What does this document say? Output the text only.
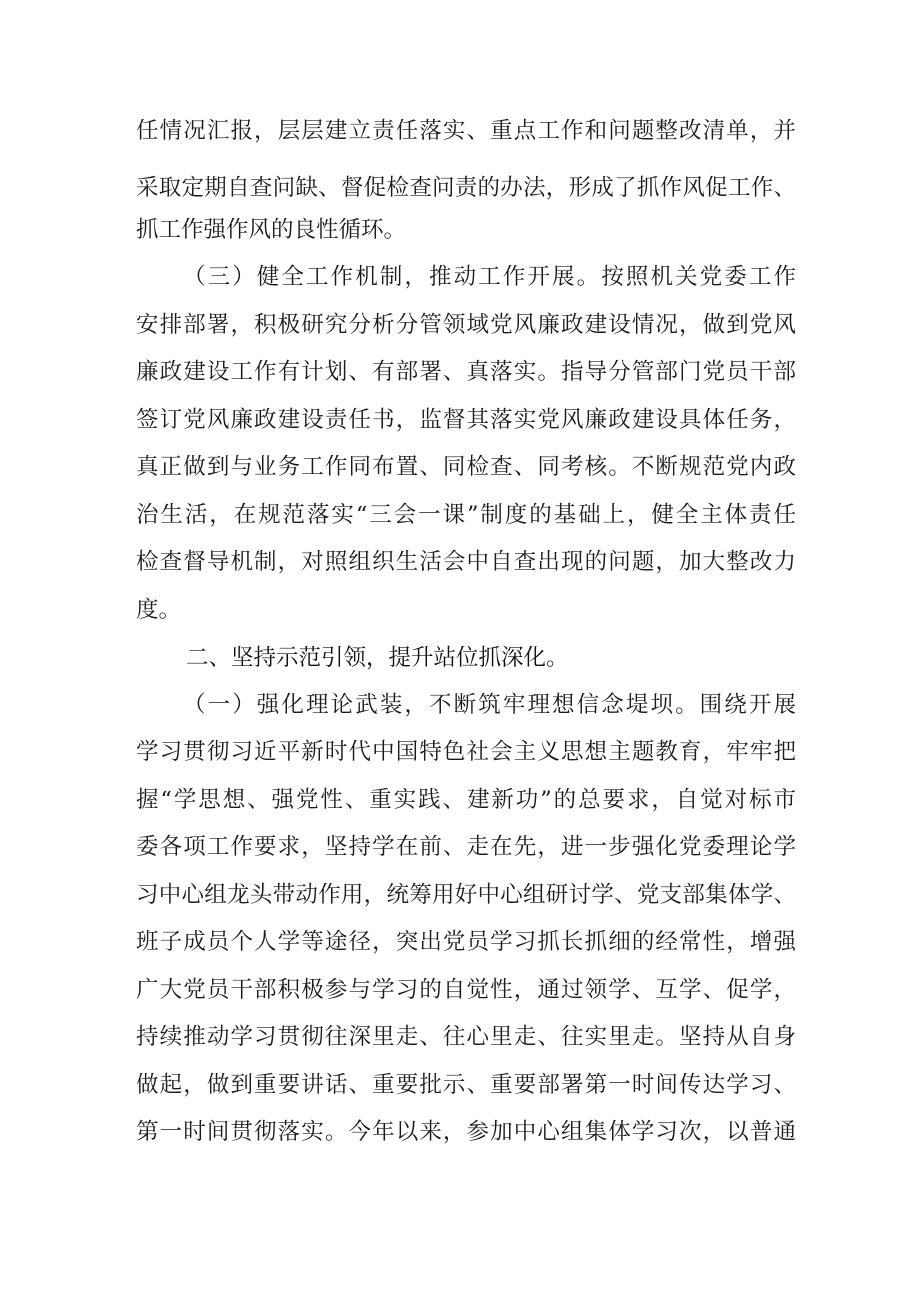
任情况汇报，层层建立责任落实、重点工作和问题整改清单，并
采取定期自查问缺、督促检查问责的办法，形成了抓作风促工作、
抓工作强作风的良性循环。
（三）健全工作机制，推动工作开展。按照机关党委工作
安排部署，积极研究分析分管领域党风廉政建设情况，做到党风
廉政建设工作有计划、有部署、真落实。指导分管部门党员干部
签订党风廉政建设责任书，监督其落实党风廉政建设具体任务，
真正做到与业务工作同布置、同检查、同考核。不断规范党内政
治生活，在规范落实“三会一课”制度的基础上，健全主体责任
检查督导机制，对照组织生活会中自查出现的问题，加大整改力
度。
二、坚持示范引领，提升站位抓深化。
（一）强化理论武装，不断筑牢理想信念堤坝。围绕开展
学习贯彻习近平新时代中国特色社会主义思想主题教育，牢牢把
握“学思想、强党性、重实践、建新功”的总要求，自觉对标市
委各项工作要求，坚持学在前、走在先，进一步强化党委理论学
习中心组龙头带动作用，统筹用好中心组研讨学、党支部集体学、
班子成员个人学等途径，突出党员学习抓长抓细的经常性，增强
广大党员干部积极参与学习的自觉性，通过领学、互学、促学，
持续推动学习贯彻往深里走、往心里走、往实里走。坚持从自身
做起，做到重要讲话、重要批示、重要部署第一时间传达学习、
第一时间贯彻落实。今年以来，参加中心组集体学习次，以普通
